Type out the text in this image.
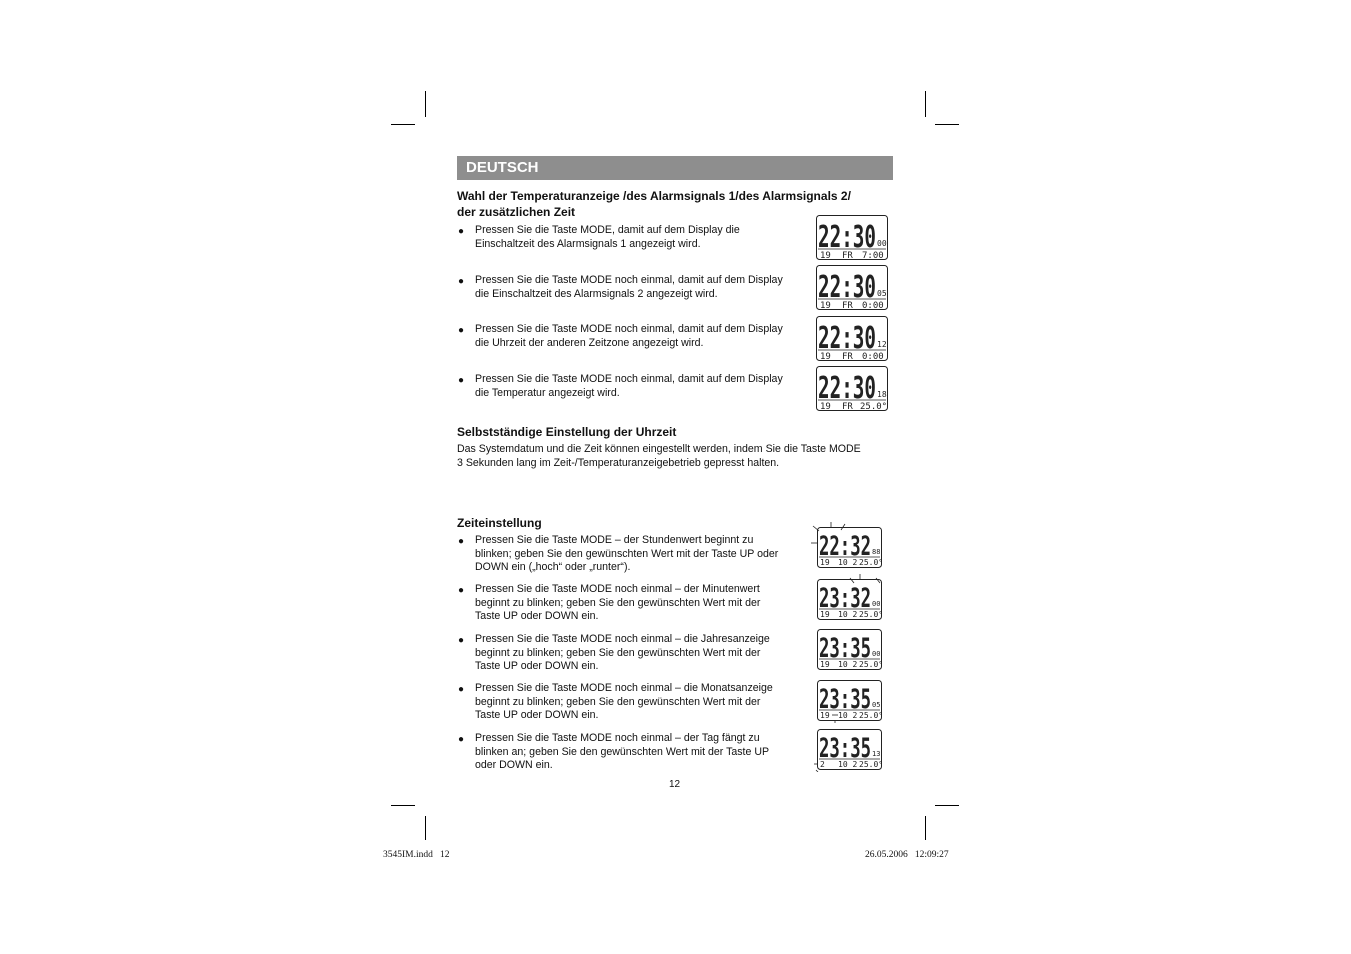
DEUTSCH
Wahl der Temperaturanzeige /des Alarmsignals 1/des Alarmsignals 2/
der zusätzlichen Zeit
● Pressen Sie die Taste MODE, damit auf dem Display die
Einschaltzeit des Alarmsignals 1 angezeigt wird.
● Pressen Sie die Taste MODE noch einmal, damit auf dem Display
die Einschaltzeit des Alarmsignals 2 angezeigt wird.
● Pressen Sie die Taste MODE noch einmal, damit auf dem Display
die Uhrzeit der anderen Zeitzone angezeigt wird.
● Pressen Sie die Taste MODE noch einmal, damit auf dem Display
die Temperatur angezeigt wird.
22:30 00
19 FR 7:00
22:30 05
19 FR 0:00
22:30 12
19 FR 0:00
22:30 18
19 FR 25.0°
Selbstständige Einstellung der Uhrzeit
Das Systemdatum und die Zeit können eingestellt werden, indem Sie die Taste MODE
3 Sekunden lang im Zeit-/Temperaturanzeigebetrieb gepresst halten.
Zeiteinstellung
● Pressen Sie die Taste MODE – der Stundenwert beginnt zu
blinken; geben Sie den gewünschten Wert mit der Taste UP oder
DOWN ein („hoch“ oder „runter“).
● Pressen Sie die Taste MODE noch einmal – der Minutenwert
beginnt zu blinken; geben Sie den gewünschten Wert mit der
Taste UP oder DOWN ein.
● Pressen Sie die Taste MODE noch einmal – die Jahresanzeige
beginnt zu blinken; geben Sie den gewünschten Wert mit der
Taste UP oder DOWN ein.
● Pressen Sie die Taste MODE noch einmal – die Monatsanzeige
beginnt zu blinken; geben Sie den gewünschten Wert mit der
Taste UP oder DOWN ein.
● Pressen Sie die Taste MODE noch einmal – der Tag fängt zu
blinken an; geben Sie den gewünschten Wert mit der Taste UP
oder DOWN ein.
22:32 88
19 10 2 25.0°
23:32 00
19 10 2 25.0°
23:35 00
19 10 2 25.0°
23:35 05
19 10 2 25.0°
23:35 13
2 10 2 25.0°
12
3545IM.indd   12	26.05.2006   12:09:27
